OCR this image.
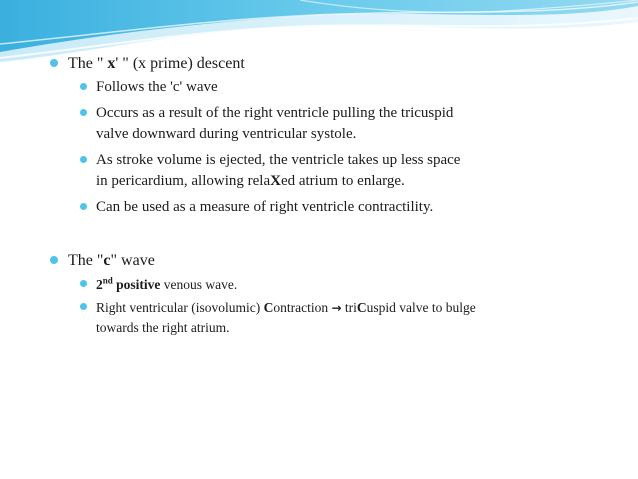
The " x' " (x prime) descent
Follows the 'c' wave
Occurs as a result of the right ventricle pulling the tricuspid
valve downward during ventricular systole.
As stroke volume is ejected, the ventricle takes up less space
in pericardium, allowing relaXed atrium to enlarge.
Can be used as a measure of right ventricle contractility.
The "c" wave
2nd positive venous wave.
Right ventricular (isovolumic) Contraction → triCuspid valve to bulge
towards the right atrium.
